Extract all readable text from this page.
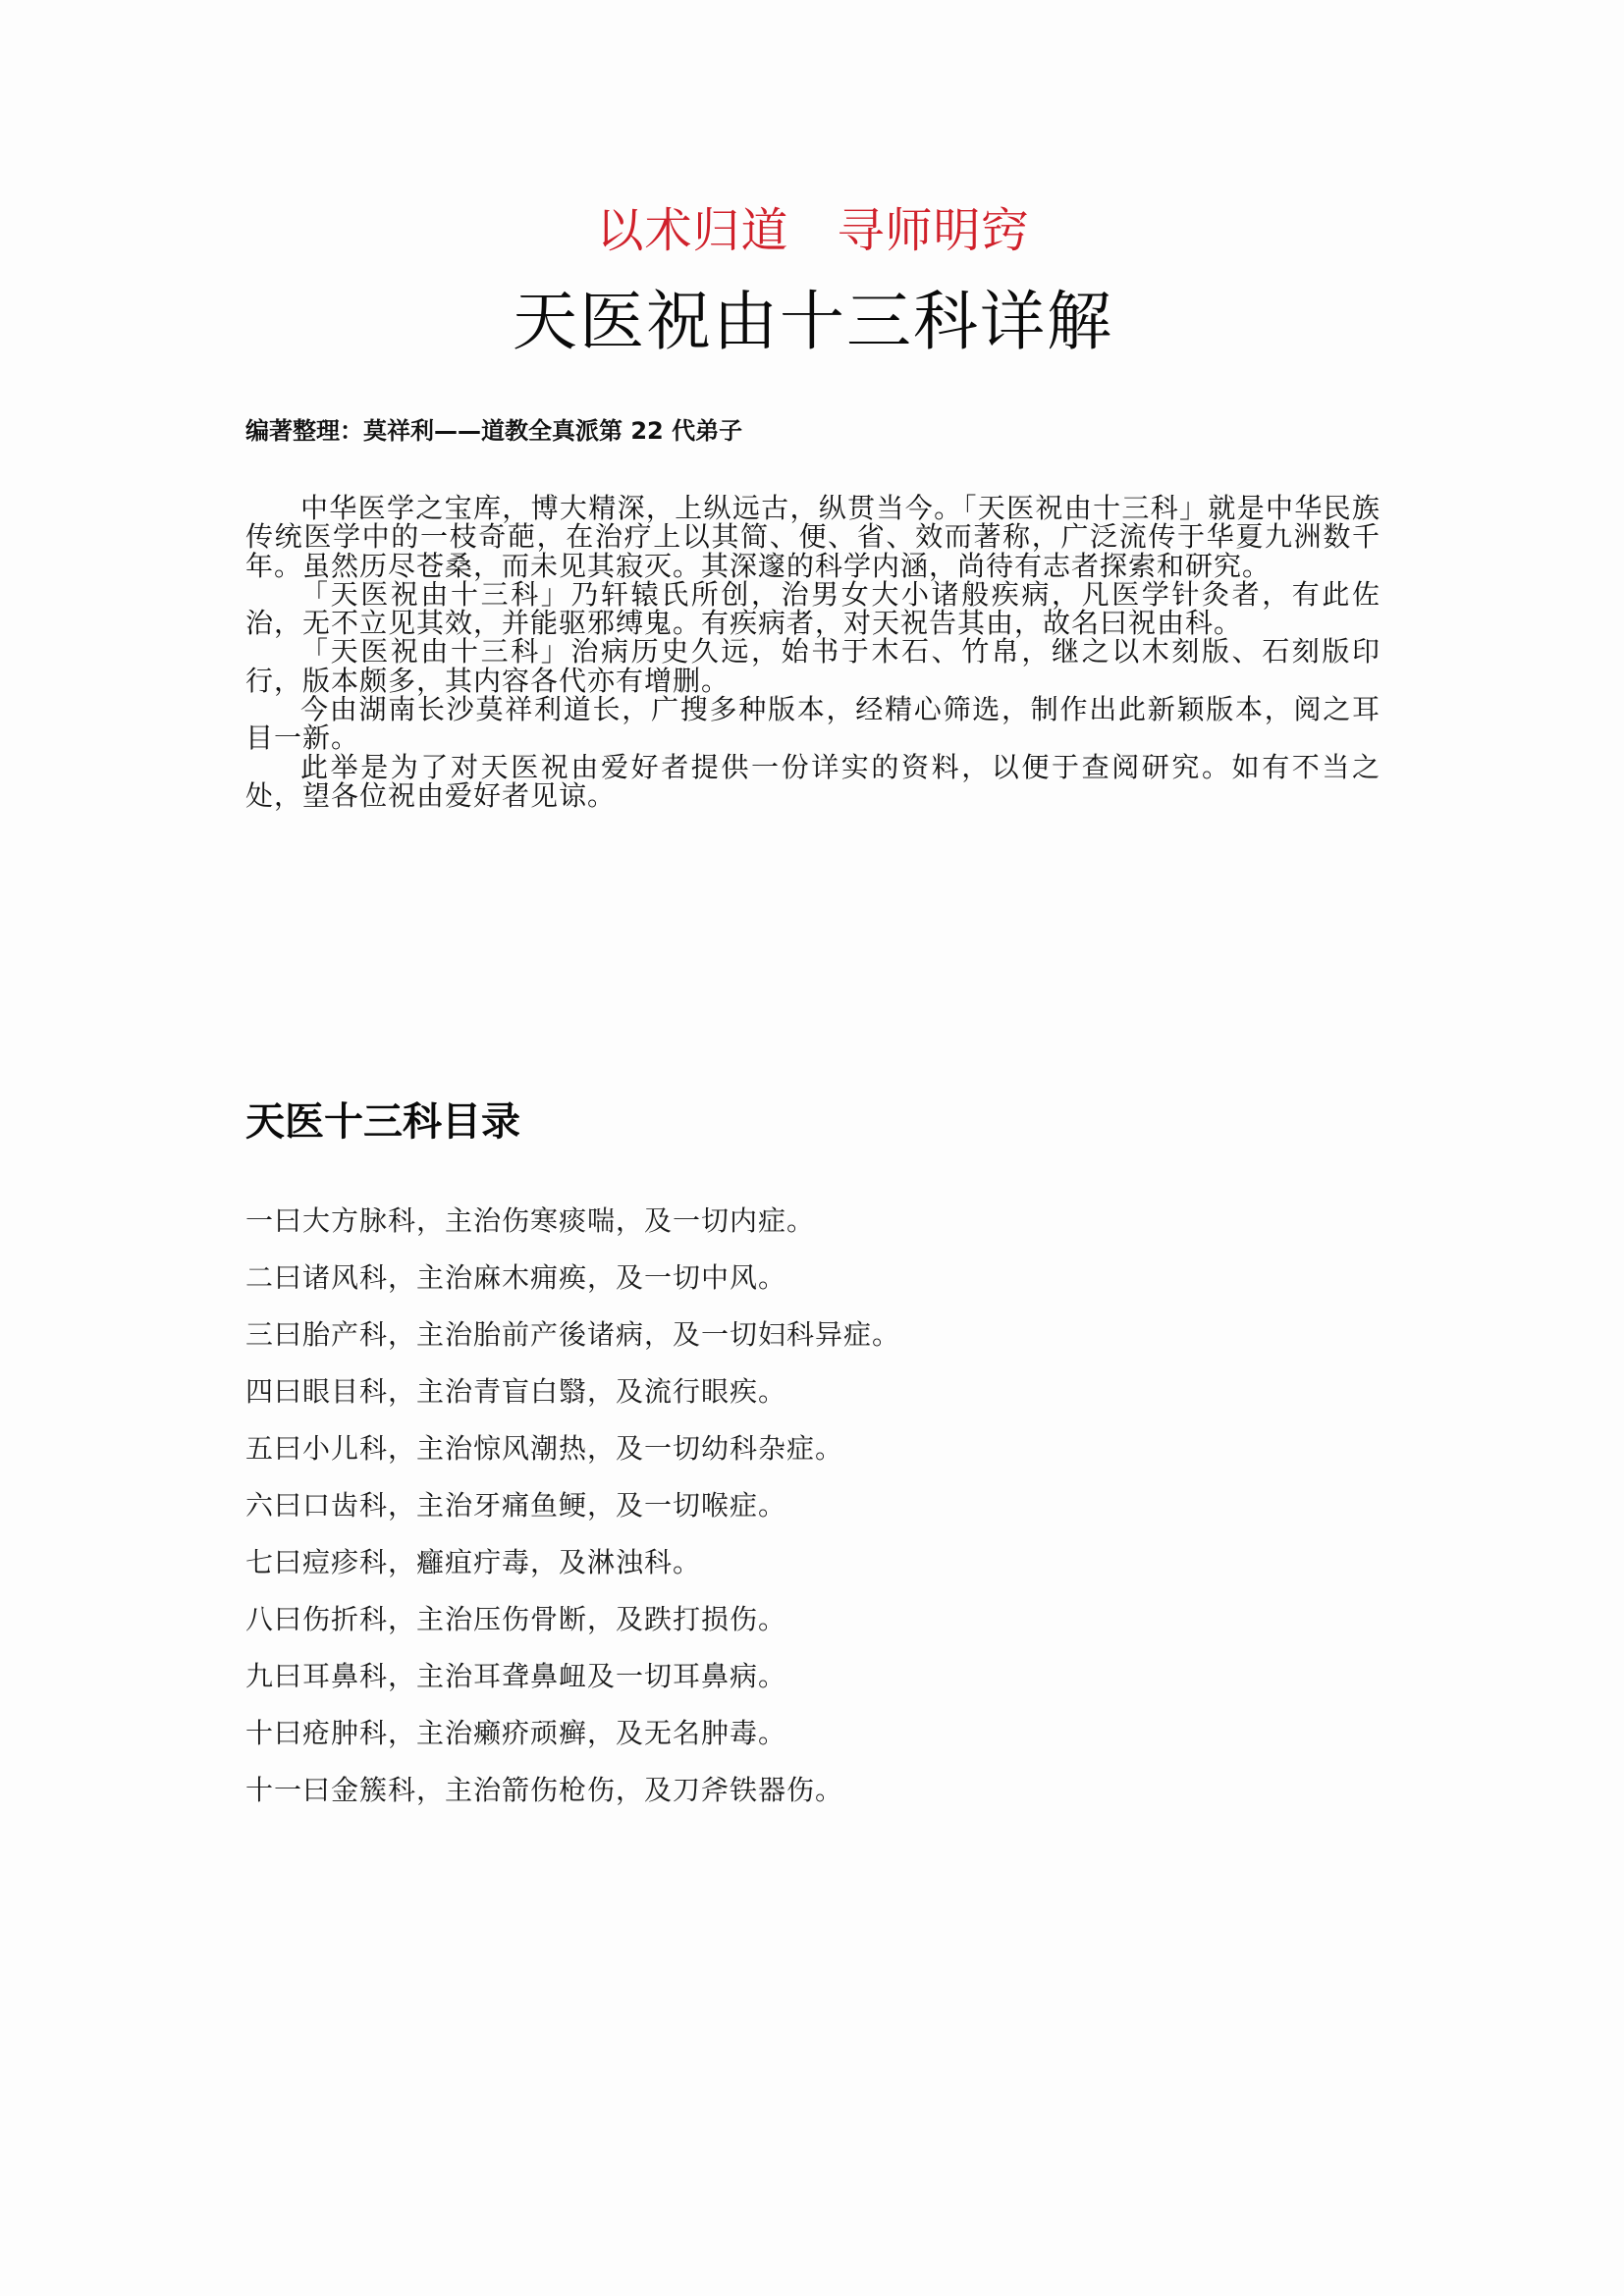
以术归道　寻师明窍
天医祝由十三科详解
编著整理：莫祥利——道教全真派第 22 代弟子

中华医学之宝库，博大精深，上纵远古，纵贯当今。「天医祝由十三科」就是中华民族传统医学中的一枝奇葩，在治疗上以其简、便、省、效而著称，广泛流传于华夏九洲数千年。虽然历尽苍桑，而未见其寂灭。其深邃的科学内涵，尚待有志者探索和研究。

「天医祝由十三科」乃轩辕氏所创，治男女大小诸般疾病，凡医学针灸者，有此佐治，无不立见其效，并能驱邪缚鬼。有疾病者，对天祝告其由，故名曰祝由科。

「天医祝由十三科」治病历史久远，始书于木石、竹帛，继之以木刻版、石刻版印行，版本颇多，其内容各代亦有增删。

今由湖南长沙莫祥利道长，广搜多种版本，经精心筛选，制作出此新颖版本，阅之耳目一新。

此举是为了对天医祝由爱好者提供一份详实的资料，以便于查阅研究。如有不当之处，望各位祝由爱好者见谅。

天医十三科目录
一曰大方脉科，主治伤寒痰喘，及一切内症。
二曰诸风科，主治麻木痈痪，及一切中风。
三曰胎产科，主治胎前产後诸病，及一切妇科异症。
四曰眼目科，主治青盲白翳，及流行眼疾。
五曰小儿科，主治惊风潮热，及一切幼科杂症。
六曰口齿科，主治牙痛鱼鲠，及一切喉症。
七曰痘疹科，癰疽疔毒，及淋浊科。
八曰伤折科，主治压伤骨断，及跌打损伤。
九曰耳鼻科，主治耳聋鼻衄及一切耳鼻病。
十曰疮肿科，主治癞疥顽癣，及无名肿毒。
十一曰金簇科，主治箭伤枪伤，及刀斧铁器伤。
